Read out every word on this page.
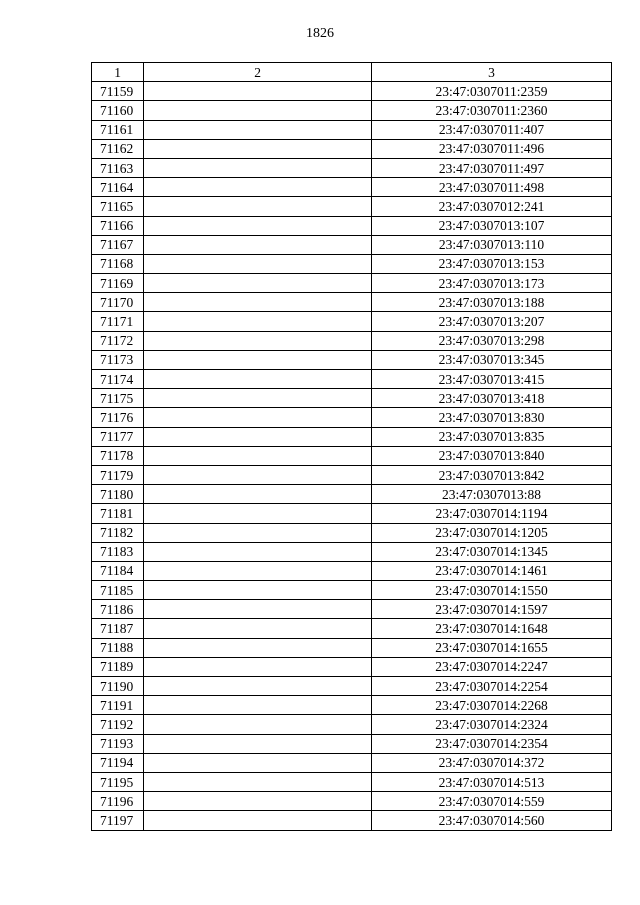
1826
1	2	3
71159		23:47:0307011:2359
71160		23:47:0307011:2360
71161		23:47:0307011:407
71162		23:47:0307011:496
71163		23:47:0307011:497
71164		23:47:0307011:498
71165		23:47:0307012:241
71166		23:47:0307013:107
71167		23:47:0307013:110
71168		23:47:0307013:153
71169		23:47:0307013:173
71170		23:47:0307013:188
71171		23:47:0307013:207
71172		23:47:0307013:298
71173		23:47:0307013:345
71174		23:47:0307013:415
71175		23:47:0307013:418
71176		23:47:0307013:830
71177		23:47:0307013:835
71178		23:47:0307013:840
71179		23:47:0307013:842
71180		23:47:0307013:88
71181		23:47:0307014:1194
71182		23:47:0307014:1205
71183		23:47:0307014:1345
71184		23:47:0307014:1461
71185		23:47:0307014:1550
71186		23:47:0307014:1597
71187		23:47:0307014:1648
71188		23:47:0307014:1655
71189		23:47:0307014:2247
71190		23:47:0307014:2254
71191		23:47:0307014:2268
71192		23:47:0307014:2324
71193		23:47:0307014:2354
71194		23:47:0307014:372
71195		23:47:0307014:513
71196		23:47:0307014:559
71197		23:47:0307014:560
